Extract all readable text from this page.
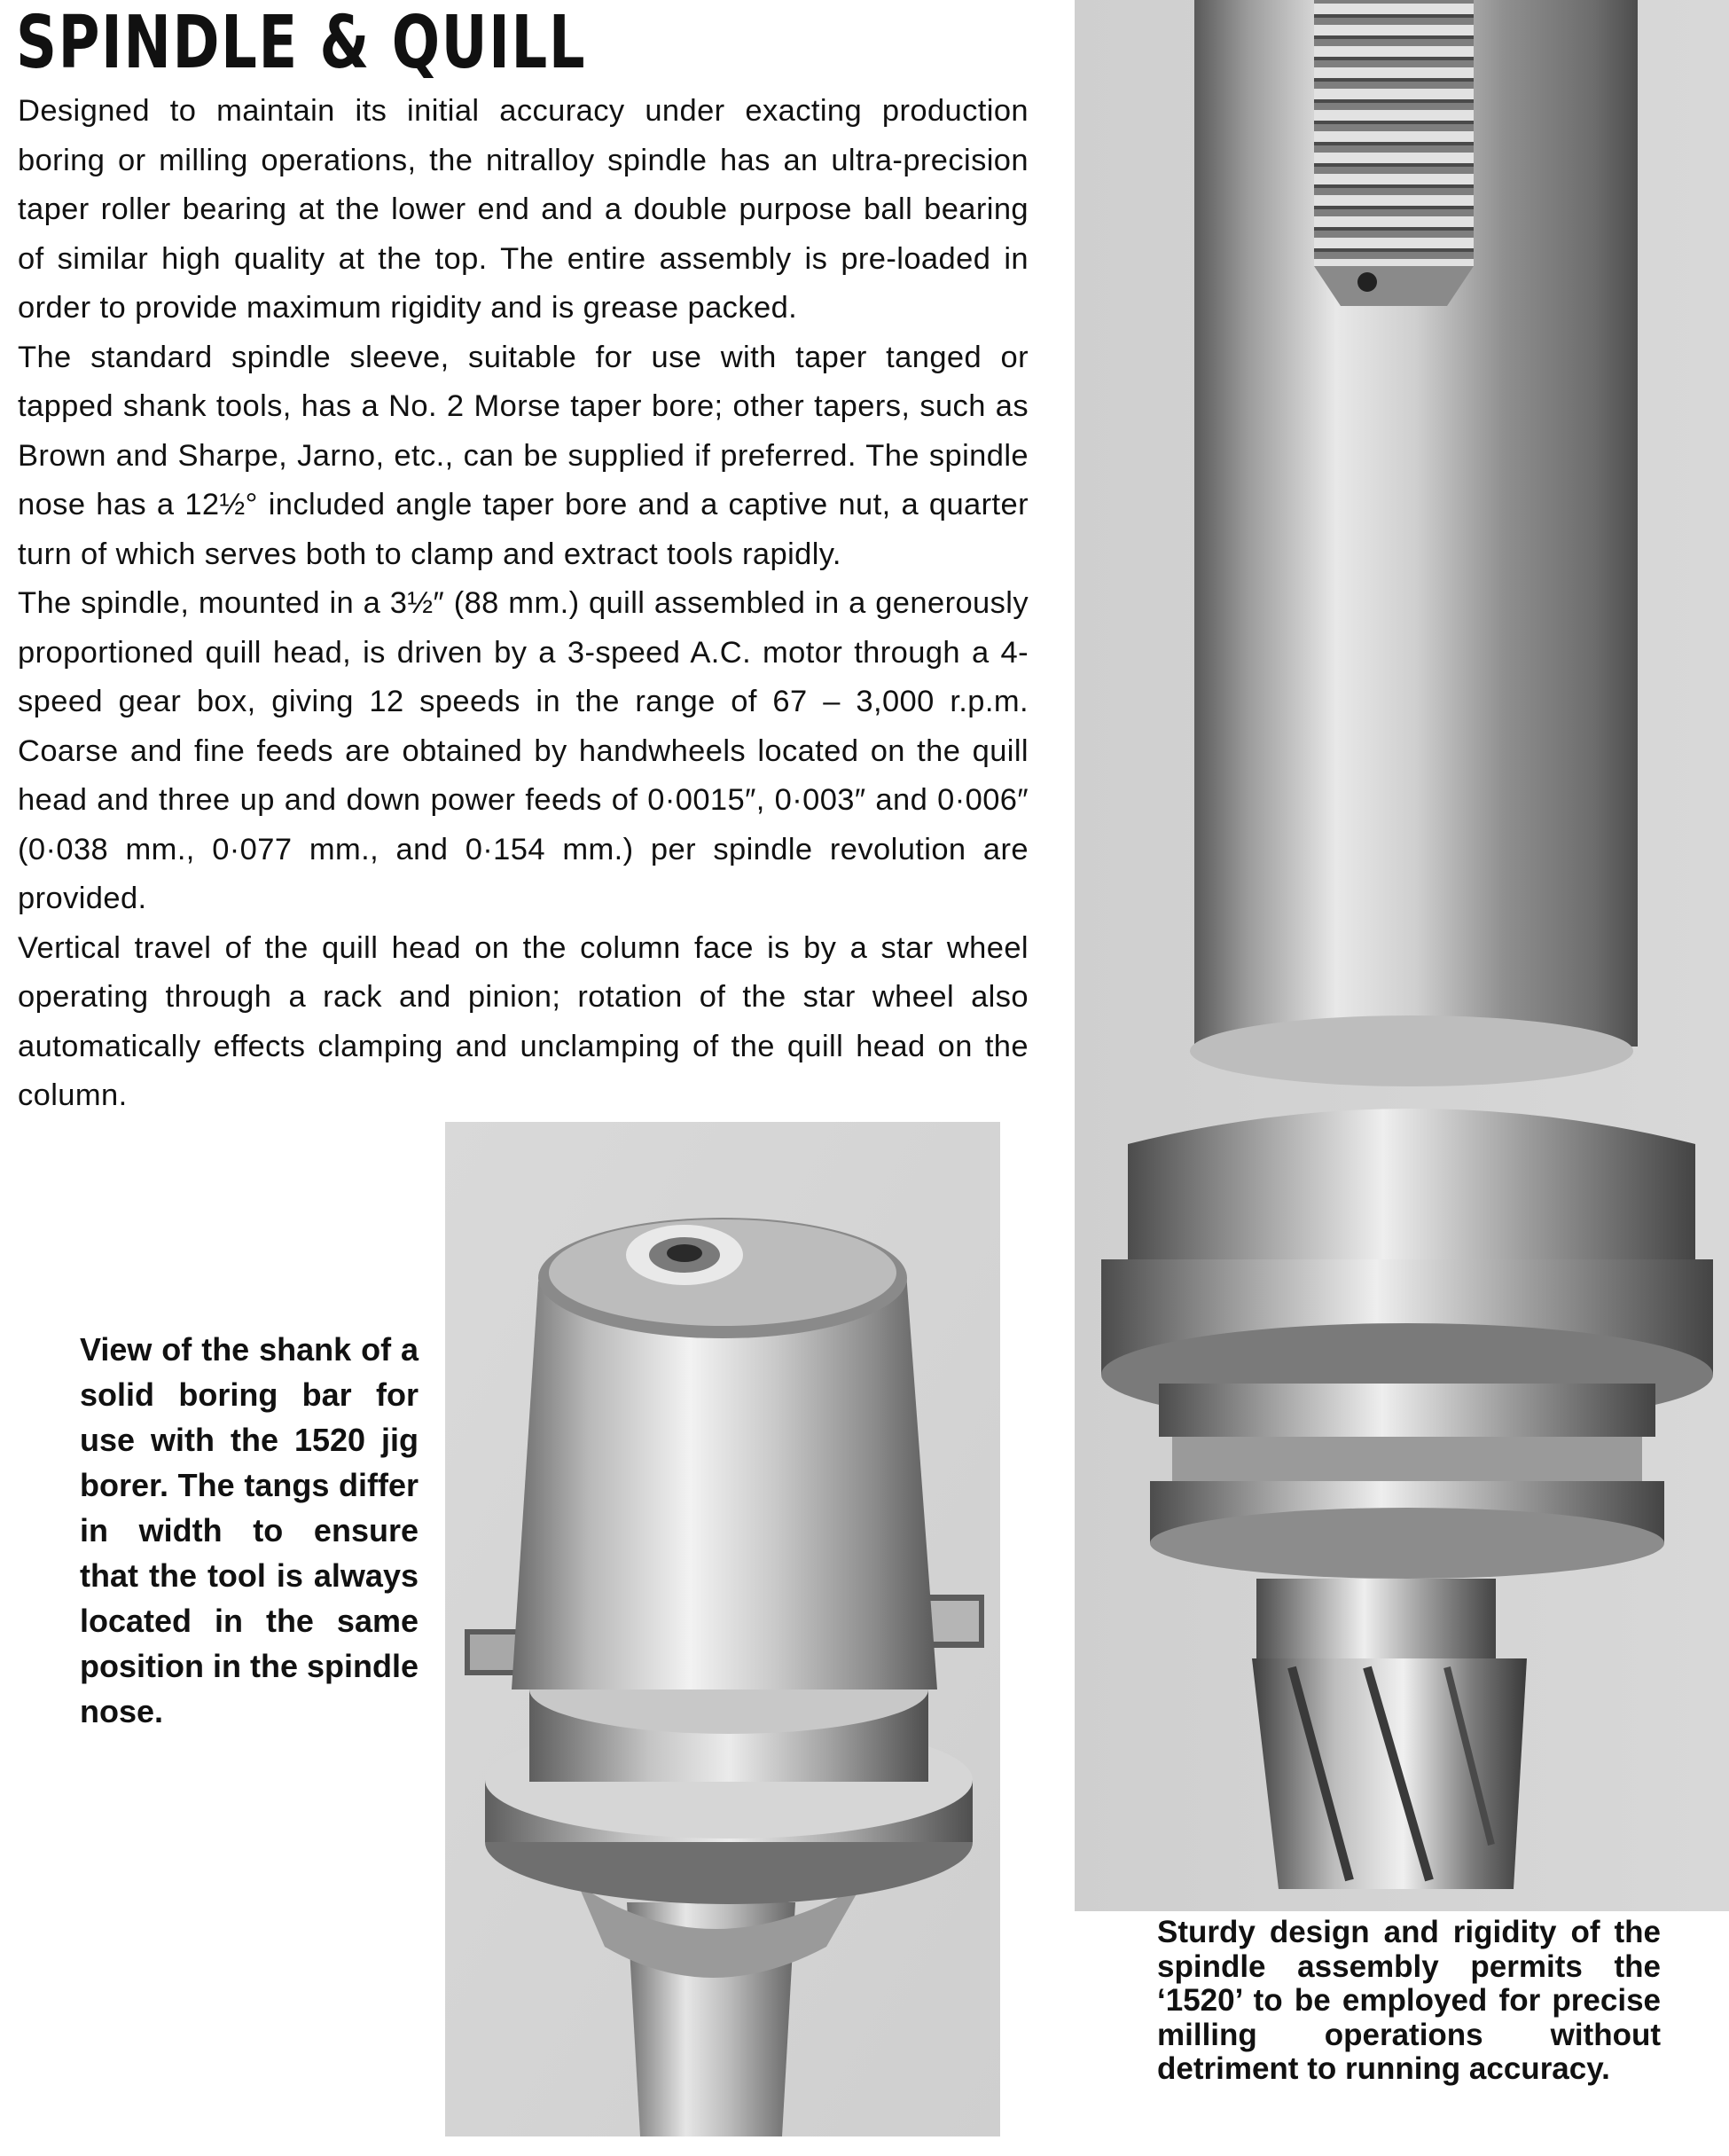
SPINDLE & QUILL

Designed to maintain its initial accuracy under exacting production boring or milling operations, the nitralloy spindle has an ultra-precision taper roller bearing at the lower end and a double purpose ball bearing of similar high quality at the top. The entire assembly is pre-loaded in order to provide maximum rigidity and is grease packed.

The standard spindle sleeve, suitable for use with taper tanged or tapped shank tools, has a No. 2 Morse taper bore; other tapers, such as Brown and Sharpe, Jarno, etc., can be supplied if preferred. The spindle nose has a 12½° included angle taper bore and a captive nut, a quarter turn of which serves both to clamp and extract tools rapidly.

The spindle, mounted in a 3½″ (88 mm.) quill assembled in a generously proportioned quill head, is driven by a 3-speed A.C. motor through a 4-speed gear box, giving 12 speeds in the range of 67 – 3,000 r.p.m. Coarse and fine feeds are obtained by handwheels located on the quill head and three up and down power feeds of 0·0015″, 0·003″ and 0·006″ (0·038 mm., 0·077 mm., and 0·154 mm.) per spindle revolution are provided.

Vertical travel of the quill head on the column face is by a star wheel operating through a rack and pinion; rotation of the star wheel also automatically effects clamping and unclamping of the quill head on the column.

View of the shank of a solid boring bar for use with the 1520 jig borer. The tangs differ in width to ensure that the tool is always located in the same position in the spindle nose.

Sturdy design and rigidity of the spindle assembly permits the ‘1520’ to be employed for precise milling operations without detriment to running accuracy.
